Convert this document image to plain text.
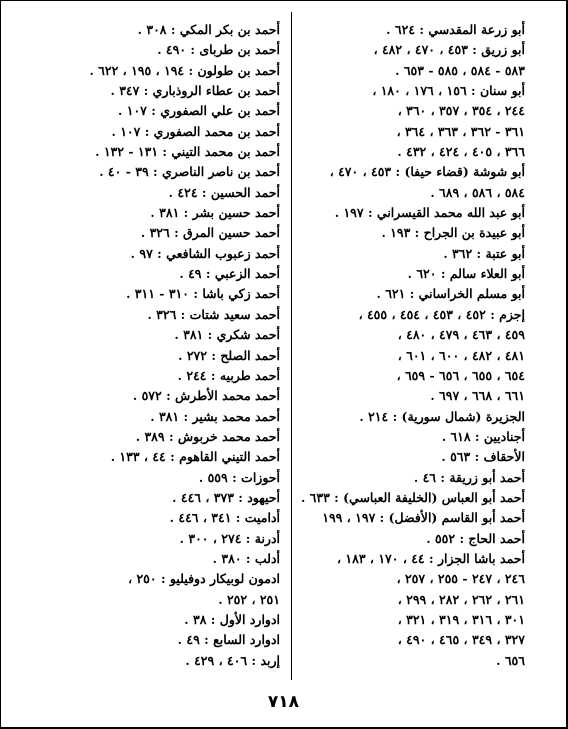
أبو زرعة المقدسي : ٦٢٤ .
أبو زريق : ٤٥٣ ، ٤٧٠ ، ٤٨٢ ،
٥٨٣ - ٥٨٤ ، ٥٨٥ - ٦٥٣ .
أبو سنان : ١٥٦ ، ١٧٦ ، ١٨٠ ،
٢٤٤ ، ٣٥٤ ، ٣٥٧ ، ٣٦٠ ،
٣٦١ - ٣٦٢ ، ٣٦٣ ، ٣٦٤ ،
٣٦٦ ، ٤٠٥ ، ٤٢٤ ، ٤٣٢ .
أبو شوشة (قضاء حيفا) : ٤٥٣ ، ٤٧٠ ،
٥٨٤ ، ٥٨٦ ، ٦٨٩ .
أبو عبد الله محمد القيسراني : ١٩٧ .
أبو عبيدة بن الجراح : ١٩٣ .
أبو عتبة : ٣٦٢ .
أبو العلاء سالم : ٦٢٠ .
أبو مسلم الخراساني : ٦٢١ .
إجزم : ٤٥٢ ، ٤٥٣ ، ٤٥٤ ، ٤٥٥ ،
٤٥٩ ، ٤٦٣ ، ٤٧٩ ، ٤٨٠ ،
٤٨١ ، ٤٨٢ ، ٦٠٠ ، ٦٠١ ،
٦٥٤ ، ٦٥٥ ، ٦٥٦ - ٦٥٩ ،
٦٦١ ، ٦٦٨ ، ٦٩٧ .
الجزيرة (شمال سورية) : ٢١٤ .
أجناديين : ٦١٨ .
الأحقاف : ٥٦٣ .
أحمد أبو زريقة : ٤٦ .
أحمد أبو العباس (الخليفة العباسي) : ٦٣٣ .
أحمد أبو القاسم (الأفضل) : ١٩٧ ، ١٩٩
أحمد الحاج : ٥٥٢ .
أحمد باشا الجزار : ٤٤ ، ١٧٠ ، ١٨٣ ،
٢٤٦ ، ٢٤٧ - ٢٥٥ ، ٢٥٧ ،
٢٦١ ، ٢٦٢ ، ٢٨٢ ، ٢٩٩ ،
٣٠١ ، ٣١٦ ، ٣١٩ ، ٣٢١ ،
٣٢٧ ، ٣٤٩ ، ٤٦٥ ، ٤٩٠ ،
٦٥٦ .
أحمد بن بكر المكي : ٣٠٨ .
أحمد بن طربای : ٤٩٠ .
أحمد بن طولون : ١٩٤ ، ١٩٥ ، ٦٢٢ .
أحمد بن عطاء الروذباري : ٣٤٧ .
أحمد بن علي الصفوري : ١٠٧ .
أحمد بن محمد الصفوري : ١٠٧ .
أحمد بن محمد التيني : ١٣١ - ١٣٢ .
أحمد بن ناصر الناصري : ٣٩ - ٤٠ .
أحمد الحسين : ٤٢٤ .
أحمد حسين بشر : ٣٨١ .
أحمد حسين المرق : ٣٢٦ .
أحمد زعبوب الشافعي : ٩٧ .
أحمد الزعبي : ٤٩ .
أحمد زكي باشا : ٣١٠ - ٣١١ .
أحمد سعيد شتات : ٣٢٦ .
أحمد شكري : ٣٨١ .
أحمد الصلح : ٢٧٢ .
أحمد طربيه : ٢٤٤ .
أحمد محمد الأطرش : ٥٧٢ .
أحمد محمد بشير : ٣٨١ .
أحمد محمد خربوش : ٣٨٩ .
أحمد التيني القاهوم : ٤٤ ، ١٣٣ .
أحوزات : ٥٥٩ .
أحيهود : ٣٧٣ ، ٤٤٦ .
أداميت : ٣٤١ ، ٤٤٦ .
أدرنة : ٢٧٤ ، ٣٠٠ .
أدلب : ٣٨٠ .
ادمون لوبيكار دوفيليو : ٢٥٠ ،
٢٥١ ، ٢٥٢ .
ادوارد الأول : ٣٨ .
ادوارد السابع : ٤٩ .
إربد : ٤٠٦ ، ٤٢٩ .
٧١٨
